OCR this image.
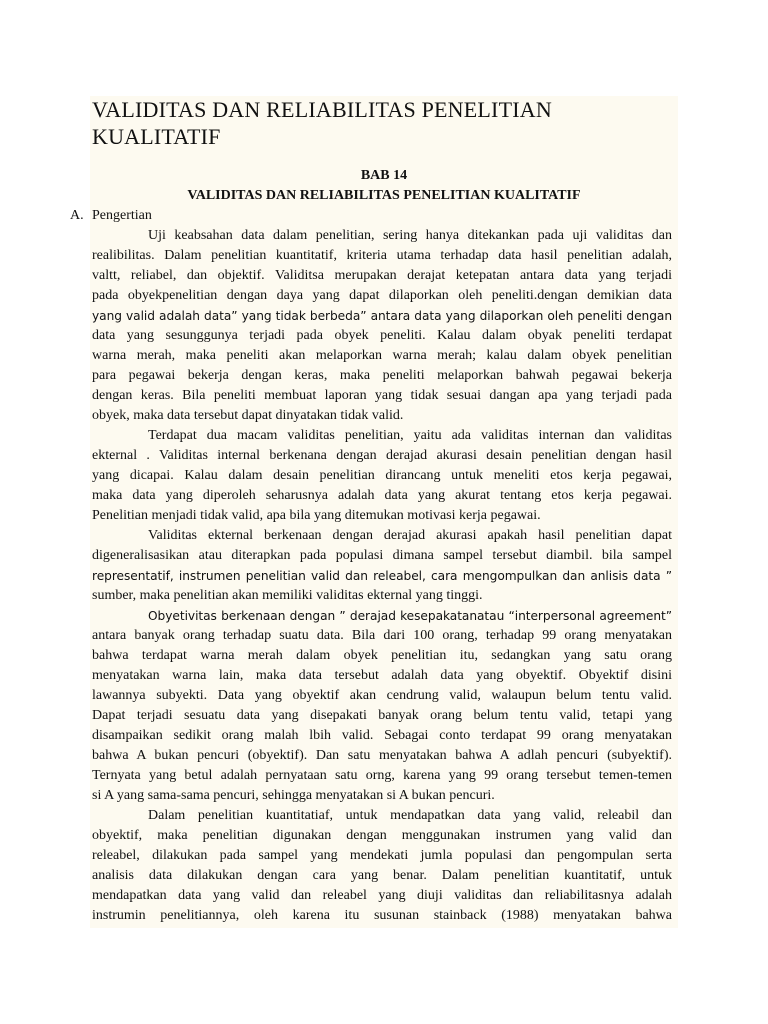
VALIDITAS DAN RELIABILITAS PENELITIAN
KUALITATIF
BAB 14
VALIDITAS DAN RELIABILITAS PENELITIAN KUALITATIF
A. Pengertian
Uji keabsahan data dalam penelitian, sering hanya ditekankan pada uji validitas dan
realibilitas. Dalam penelitian kuantitatif, kriteria utama terhadap data hasil penelitian adalah,
valtt, reliabel, dan objektif. Validitsa merupakan derajat ketepatan antara data yang terjadi
pada obyekpenelitian dengan daya yang dapat dilaporkan oleh peneliti.dengan demikian data
yang valid adalah data” yang tidak berbeda” antara data yang dilaporkan oleh peneliti dengan
data yang sesunggunya terjadi pada obyek peneliti. Kalau dalam obyak peneliti terdapat
warna merah, maka peneliti akan melaporkan warna merah; kalau dalam obyek penelitian
para pegawai bekerja dengan keras, maka peneliti melaporkan bahwah pegawai bekerja
dengan keras. Bila peneliti membuat laporan yang tidak sesuai dangan apa yang terjadi pada
obyek, maka data tersebut dapat dinyatakan tidak valid.
Terdapat dua macam validitas penelitian, yaitu ada validitas internan dan validitas
ekternal . Validitas internal berkenana dengan derajad akurasi desain penelitian dengan hasil
yang dicapai. Kalau dalam desain penelitian dirancang untuk meneliti etos kerja pegawai,
maka data yang diperoleh seharusnya adalah data yang akurat tentang etos kerja pegawai.
Penelitian menjadi tidak valid, apa bila yang ditemukan motivasi kerja pegawai.
Validitas ekternal berkenaan dengan derajad akurasi apakah hasil penelitian dapat
digeneralisasikan atau diterapkan pada populasi dimana sampel tersebut diambil. bila sampel
representatif, instrumen penelitian valid dan releabel, cara mengompulkan dan anlisis data ”
sumber, maka penelitian akan memiliki validitas ekternal yang tinggi.
Obyetivitas berkenaan dengan ” derajad kesepakatanatau “interpersonal agreement”
antara banyak orang terhadap suatu data. Bila dari 100 orang, terhadap 99 orang menyatakan
bahwa terdapat warna merah dalam obyek penelitian itu, sedangkan yang satu orang
menyatakan warna lain, maka data tersebut adalah data yang obyektif. Obyektif disini
lawannya subyekti. Data yang obyektif akan cendrung valid, walaupun belum tentu valid.
Dapat terjadi sesuatu data yang disepakati banyak orang belum tentu valid, tetapi yang
disampaikan sedikit orang malah lbih valid. Sebagai conto terdapat 99 orang menyatakan
bahwa A bukan pencuri (obyektif). Dan satu menyatakan bahwa A adlah pencuri (subyektif).
Ternyata yang betul adalah pernyataan satu orng, karena yang 99 orang tersebut temen-temen
si A yang sama-sama pencuri, sehingga menyatakan si A bukan pencuri.
Dalam penelitian kuantitatiaf, untuk mendapatkan data yang valid, releabil dan
obyektif, maka penelitian digunakan dengan menggunakan instrumen yang valid dan
releabel, dilakukan pada sampel yang mendekati jumla populasi dan pengompulan serta
analisis data dilakukan dengan cara yang benar. Dalam penelitian kuantitatif, untuk
mendapatkan data yang valid dan releabel yang diuji validitas dan reliabilitasnya adalah
instrumin penelitiannya, oleh karena itu susunan stainback (1988) menyatakan bahwa
